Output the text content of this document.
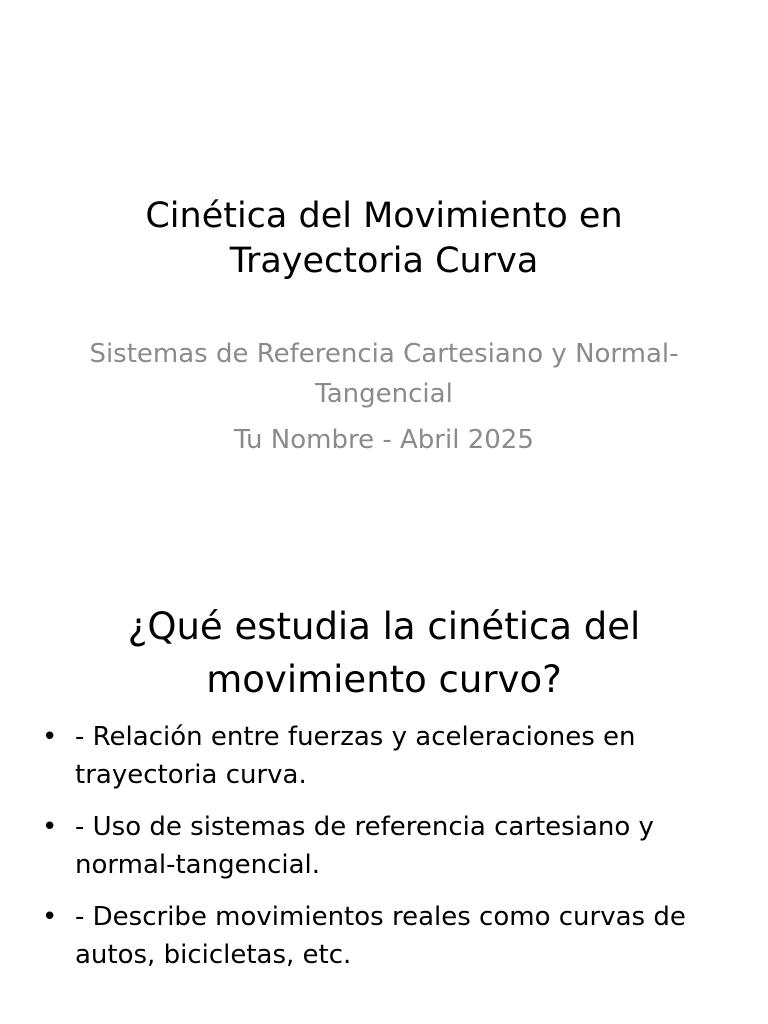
Cinética del Movimiento en Trayectoria Curva

Sistemas de Referencia Cartesiano y Normal-Tangencial

Tu Nombre - Abril 2025

¿Qué estudia la cinética del movimiento curvo?
• - Relación entre fuerzas y aceleraciones en trayectoria curva.
• - Uso de sistemas de referencia cartesiano y normal-tangencial.
• - Describe movimientos reales como curvas de autos, bicicletas, etc.
